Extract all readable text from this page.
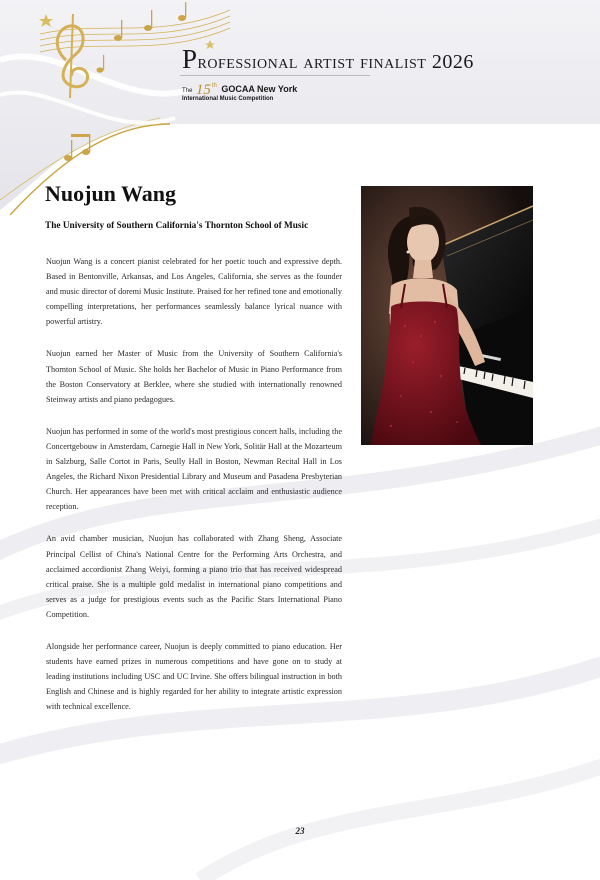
Professional artist finalist 2026
The 15th GOCAA New York
International Music Competition
Nuojun Wang
The University of Southern California's Thornton School of Music

Nuojun Wang is a concert pianist celebrated for her poetic touch and expressive depth. Based in Bentonville, Arkansas, and Los Angeles, California, she serves as the founder and music director of doremi Music Institute. Praised for her refined tone and emotionally compelling interpretations, her performances seamlessly balance lyrical nuance with powerful artistry.

Nuojun earned her Master of Music from the University of Southern California's Thornton School of Music. She holds her Bachelor of Music in Piano Performance from the Boston Conservatory at Berklee, where she studied with internationally renowned Steinway artists and piano pedagogues.

Nuojun has performed in some of the world's most prestigious concert halls, including the Concertgebouw in Amsterdam, Carnegie Hall in New York, Solitär Hall at the Mozarteum in Salzburg, Salle Cortot in Paris, Seully Hall in Boston, Newman Recital Hall in Los Angeles, the Richard Nixon Presidential Library and Museum and Pasadena Presbyterian Church. Her appearances have been met with critical acclaim and enthusiastic audience reception.

An avid chamber musician, Nuojun has collaborated with Zhang Sheng, Associate Principal Cellist of China's National Centre for the Performing Arts Orchestra, and acclaimed accordionist Zhang Weiyi, forming a piano trio that has received widespread critical praise. She is a multiple gold medalist in international piano competitions and serves as a judge for prestigious events such as the Pacific Stars International Piano Competition.

Alongside her performance career, Nuojun is deeply committed to piano education. Her students have earned prizes in numerous competitions and have gone on to study at leading institutions including USC and UC Irvine. She offers bilingual instruction in both English and Chinese and is highly regarded for her ability to integrate artistic expression with technical excellence.

23
